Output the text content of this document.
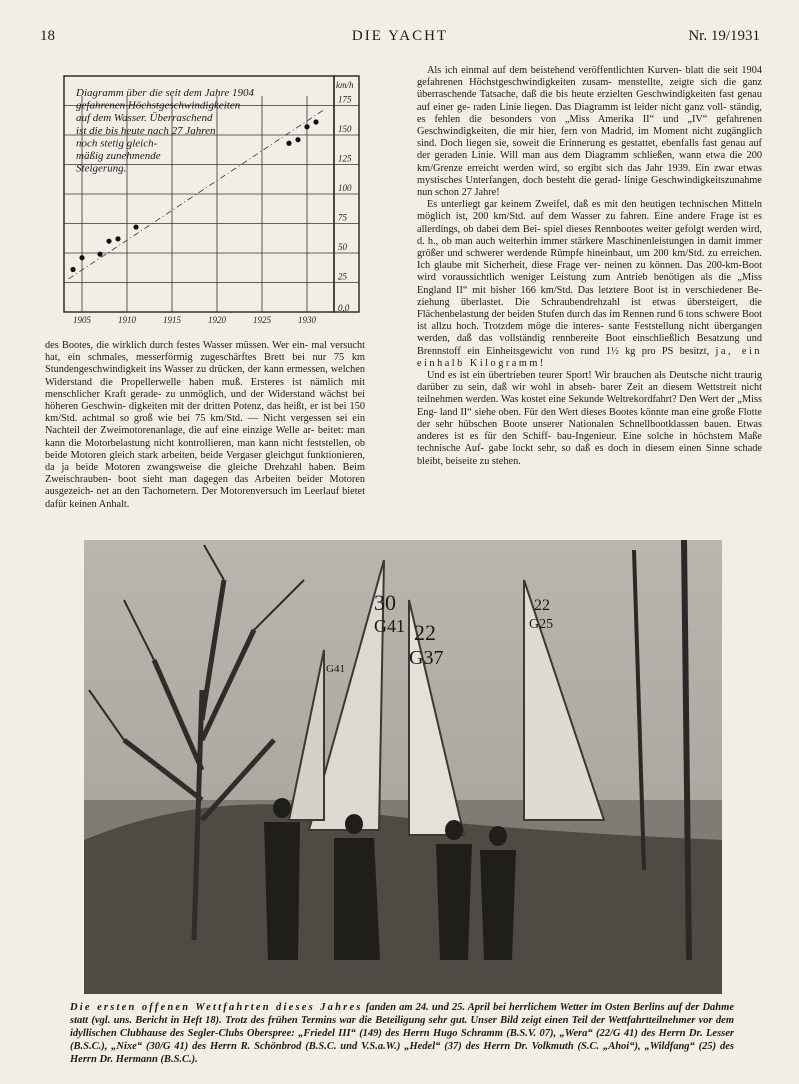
18	DIE YACHT	Nr. 19/1931
1905	1910	1915	1920	1925	1930
0,0
25
50
75
100
125
150
175
km/h
Diagramm über die seit dem Jahre 1904
gefahrenen Höchstgeschwindigkeiten
auf dem Wasser. Überraschend
ist die bis heute nach 27 Jahren
noch stetig gleich-
mäßig zunehmende
Steigerung.

des Bootes, die wirklich durch festes Wasser müssen. Wer ein- mal versucht hat, ein schmales, messerförmig zugeschärftes Brett bei nur 75 km Stundengeschwindigkeit ins Wasser zu drücken, der kann ermessen, welchen Widerstand die Propellerwelle haben muß. Ersteres ist nämlich mit menschlicher Kraft gerade- zu unmöglich, und der Widerstand wächst bei höheren Geschwin- digkeiten mit der dritten Potenz, das heißt, er ist bei 150 km/Std. achtmal so groß wie bei 75 km/Std. — Nicht vergessen sei ein Nachteil der Zweimotorenanlage, die auf eine einzige Welle ar- beitet: man kann die Motorbelastung nicht kontrollieren, man kann nicht feststellen, ob beide Motoren gleich stark arbeiten, beide Vergaser gleichgut funktionieren, da ja beide Motoren zwangsweise die gleiche Drehzahl haben. Beim Zweischrauben- boot sieht man dagegen das Arbeiten beider Motoren ausgezeich- net an den Tachometern. Der Motorenversuch im Leerlauf bietet dafür keinen Anhalt.

Als ich einmal auf dem beistehend veröffentlichten Kurven- blatt die seit 1904 gefahrenen Höchstgeschwindigkeiten zusam- menstellte, zeigte sich die ganz überraschende Tatsache, daß die bis heute erzielten Geschwindigkeiten fast genau auf einer ge- raden Linie liegen. Das Diagramm ist leider nicht ganz voll- ständig, es fehlen die besonders von „Miss Amerika II“ und „IV“ gefahrenen Geschwindigkeiten, die mir hier, fern von Madrid, im Moment nicht zugänglich sind. Doch liegen sie, soweit die Erinnerung es gestattet, ebenfalls fast genau auf der geraden Linie. Will man aus dem Diagramm schließen, wann etwa die 200 km/Grenze erreicht werden wird, so ergibt sich das Jahr 1939. Ein zwar etwas mystisches Unterfangen, doch besteht die gerad- linige Geschwindigkeitszunahme nun schon 27 Jahre!

Es unterliegt gar keinem Zweifel, daß es mit den heutigen technischen Mitteln möglich ist, 200 km/Std. auf dem Wasser zu fahren. Eine andere Frage ist es allerdings, ob dabei dem Bei- spiel dieses Rennbootes weiter gefolgt werden wird, d. h., ob man auch weiterhin immer stärkere Maschinenleistungen in damit immer größer und schwerer werdende Rümpfe hineinbaut, um 200 km/Std. zu erreichen. Ich glaube mit Sicherheit, diese Frage ver- neinen zu können. Das 200-km-Boot wird voraussichtlich weniger Leistung zum Antrieb benötigen als die „Miss England II“ mit bisher 166 km/Std. Das letztere Boot ist in verschiedener Be- ziehung überlastet. Die Schraubendrehzahl ist etwas übersteigert, die Flächenbelastung der beiden Stufen durch das im Rennen rund 6 tons schwere Boot ist allzu hoch. Trotzdem möge die interes- sante Feststellung nicht übergangen werden, daß das vollständig rennbereite Boot einschließlich Besatzung und Brennstoff ein Einheitsgewicht von rund 1½ kg pro PS besitzt, ja, ein einhalb Kilogramm!

Und es ist ein übertrieben teurer Sport! Wir brauchen als Deutsche nicht traurig darüber zu sein, daß wir wohl in abseh- barer Zeit an diesem Wettstreit nicht teilnehmen werden. Was kostet eine Sekunde Weltrekordfahrt? Den Wert der „Miss Eng- land II“ siehe oben. Für den Wert dieses Bootes könnte man eine große Flotte der sehr hübschen Boote unserer Nationalen Schnellbootklassen bauen. Etwas anderes ist es für den Schiff- bau-Ingenieur. Eine solche in höchstem Maße technische Auf- gabe lockt sehr, so daß es doch in diesem einen Sinne schade bleibt, beiseite zu stehen.

30
G41 22
G37
22
G25
G41
Die ersten offenen Wettfahrten dieses Jahres fanden am 24. und 25. April bei herrlichem Wetter im Osten Berlins auf der Dahme statt (vgl. uns. Bericht in Heft 18). Trotz des frühen Termins war die Beteiligung sehr gut. Unser Bild zeigt einen Teil der Wettfahrtteilnehmer vor dem idyllischen Clubhause des Segler-Clubs Oberspree: „Friedel III“ (149) des Herrn Hugo Schramm (B.S.V. 07), „Wera“ (22/G 41) des Herrn Dr. Lesser (B.S.C.), „Nixe“ (30/G 41) des Herrn R. Schönbrod (B.S.C. und V.S.a.W.) „Hedel“ (37) des Herrn Dr. Volkmuth (S.C. „Ahoi“), „Wildfang“ (25) des Herrn Dr. Hermann (B.S.C.).
